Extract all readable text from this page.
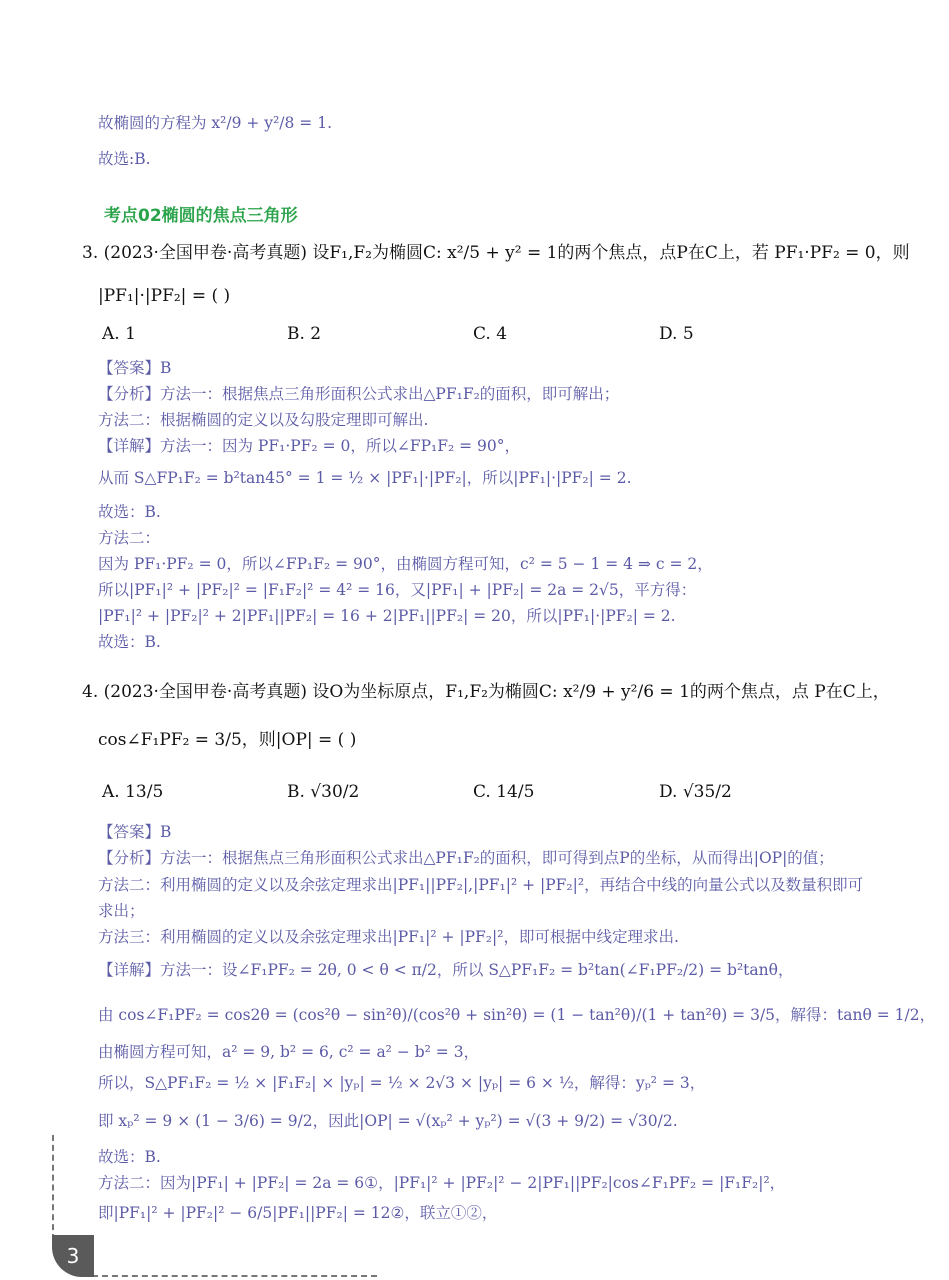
故椭圆的方程为 x²/9 + y²/8 = 1.
故选:B.
考点02椭圆的焦点三角形
3. (2023·全国甲卷·高考真题) 设F₁,F₂为椭圆C: x²/5 + y² = 1的两个焦点，点P在C上，若 PF₁·PF₂ = 0，则
|PF₁|·|PF₂| = ( )
A. 1	B. 2	C. 4	D. 5
【答案】B
【分析】方法一：根据焦点三角形面积公式求出△PF₁F₂的面积，即可解出；
方法二：根据椭圆的定义以及勾股定理即可解出.
【详解】方法一：因为 PF₁·PF₂ = 0，所以∠FP₁F₂ = 90°，
从而 S△FP₁F₂ = b²tan45° = 1 = ½ × |PF₁|·|PF₂|，所以|PF₁|·|PF₂| = 2.
故选：B.
方法二：
因为 PF₁·PF₂ = 0，所以∠FP₁F₂ = 90°，由椭圆方程可知，c² = 5 − 1 = 4 ⇒ c = 2，
所以|PF₁|² + |PF₂|² = |F₁F₂|² = 4² = 16，又|PF₁| + |PF₂| = 2a = 2√5，平方得：
|PF₁|² + |PF₂|² + 2|PF₁||PF₂| = 16 + 2|PF₁||PF₂| = 20，所以|PF₁|·|PF₂| = 2.
故选：B.
4. (2023·全国甲卷·高考真题) 设O为坐标原点，F₁,F₂为椭圆C: x²/9 + y²/6 = 1的两个焦点，点 P在C上，
cos∠F₁PF₂ = 3/5，则|OP| = ( )
A. 13/5	B. √30/2	C. 14/5	D. √35/2
【答案】B
【分析】方法一：根据焦点三角形面积公式求出△PF₁F₂的面积，即可得到点P的坐标，从而得出|OP|的值；
方法二：利用椭圆的定义以及余弦定理求出|PF₁||PF₂|,|PF₁|² + |PF₂|²，再结合中线的向量公式以及数量积即可
求出；
方法三：利用椭圆的定义以及余弦定理求出|PF₁|² + |PF₂|²，即可根据中线定理求出.
【详解】方法一：设∠F₁PF₂ = 2θ, 0 < θ < π/2，所以 S△PF₁F₂ = b²tan(∠F₁PF₂/2) = b²tanθ，
由 cos∠F₁PF₂ = cos2θ = (cos²θ − sin²θ)/(cos²θ + sin²θ) = (1 − tan²θ)/(1 + tan²θ) = 3/5，解得：tanθ = 1/2，
由椭圆方程可知，a² = 9, b² = 6, c² = a² − b² = 3，
所以，S△PF₁F₂ = ½ × |F₁F₂| × |yₚ| = ½ × 2√3 × |yₚ| = 6 × ½，解得：yₚ² = 3，
即 xₚ² = 9 × (1 − 3/6) = 9/2，因此|OP| = √(xₚ² + yₚ²) = √(3 + 9/2) = √30/2.
故选：B.
方法二：因为|PF₁| + |PF₂| = 2a = 6①，|PF₁|² + |PF₂|² − 2|PF₁||PF₂|cos∠F₁PF₂ = |F₁F₂|²，
即|PF₁|² + |PF₂|² − 6/5|PF₁||PF₂| = 12②，联立①②，
3
